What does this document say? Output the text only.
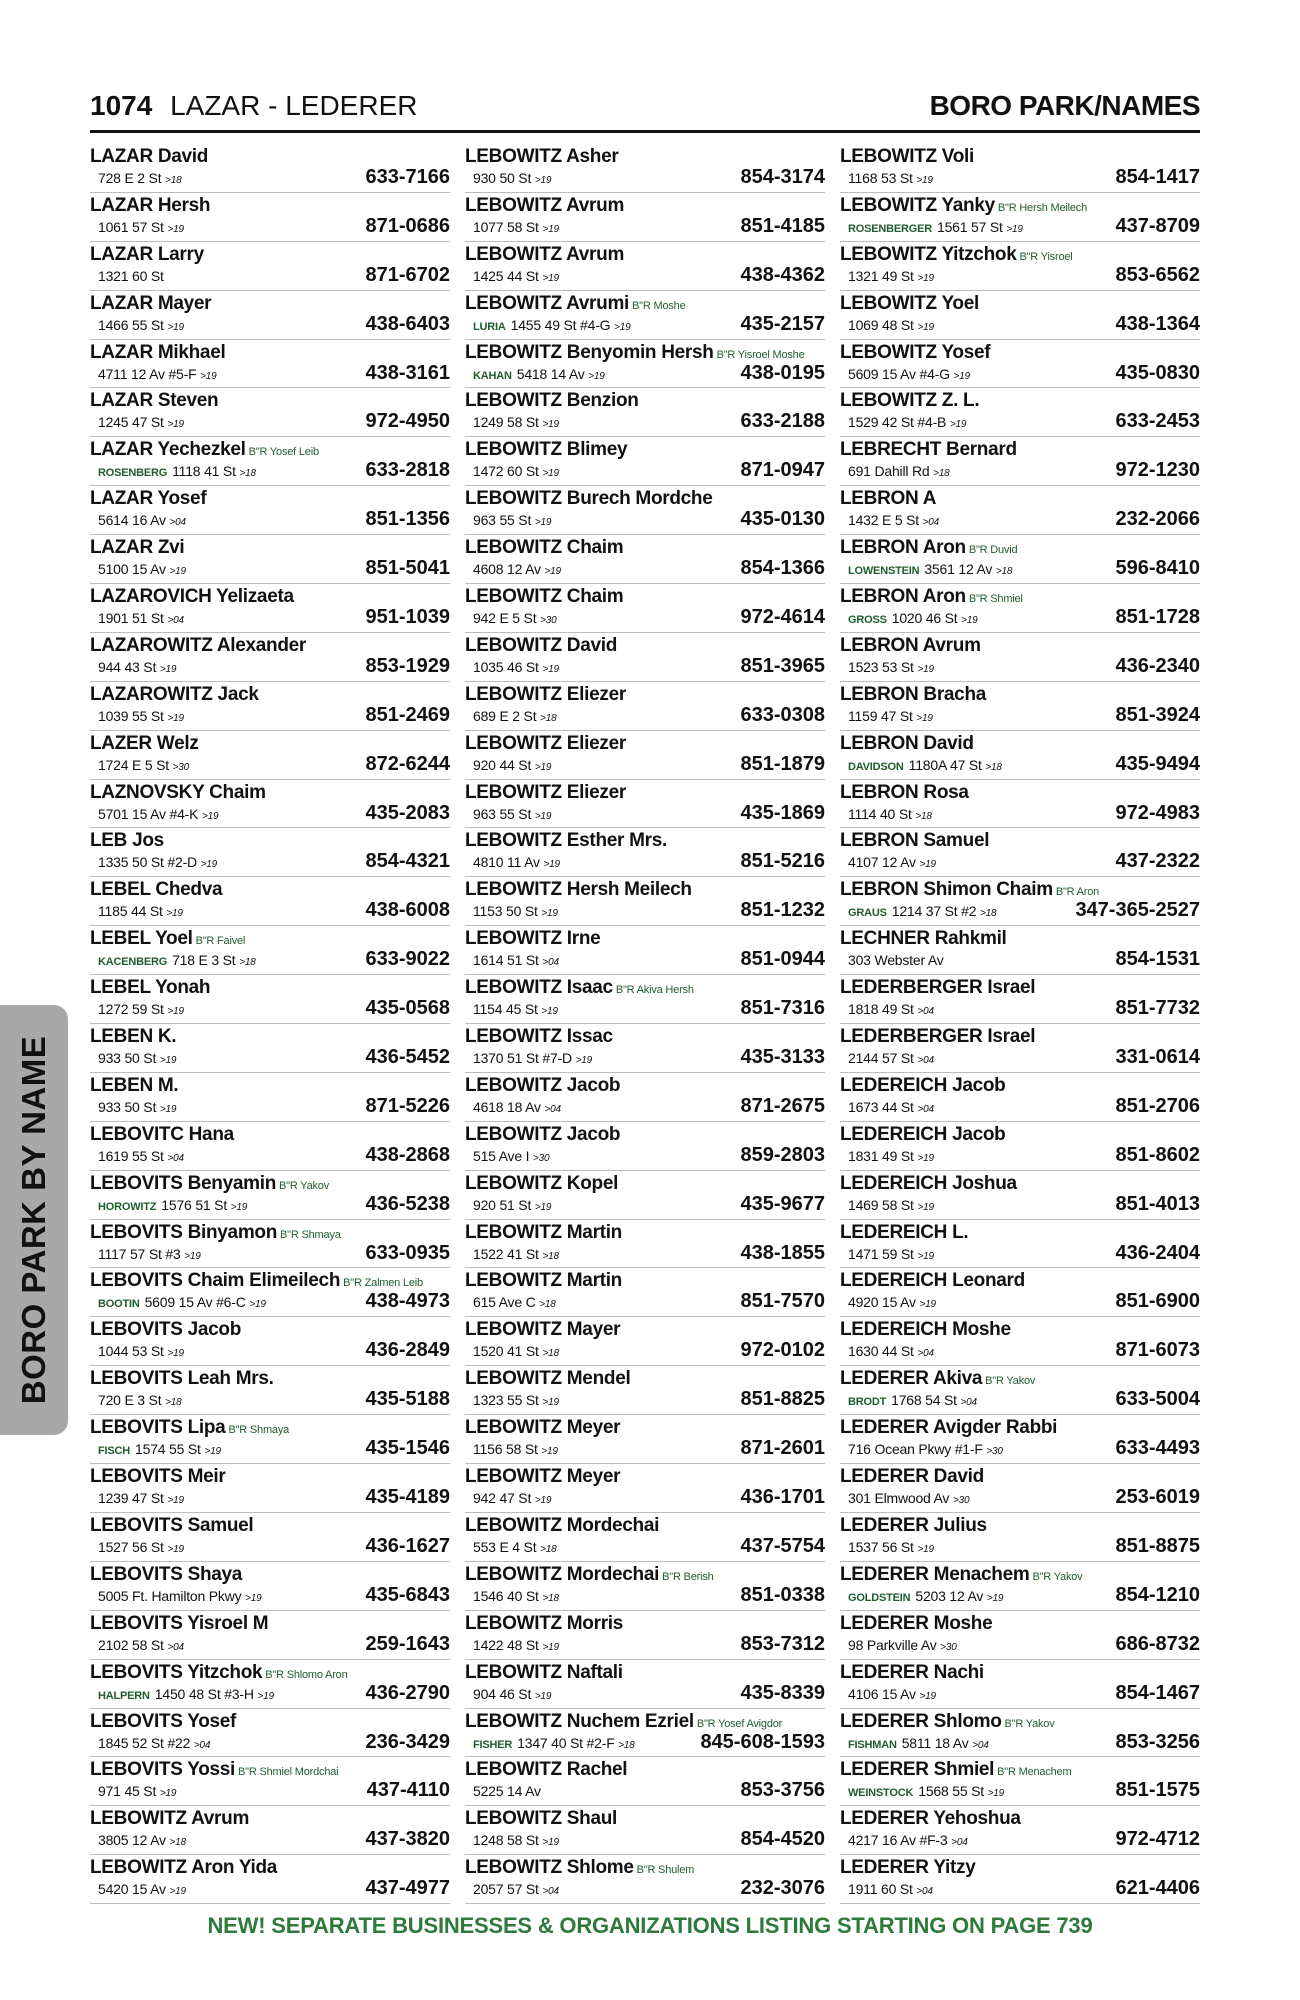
1074 LAZAR - LEDERER	BORO PARK/NAMES
LAZAR David
728 E 2 St >18	633-7166
LAZAR Hersh
1061 57 St >19	871-0686
LAZAR Larry
1321 60 St	871-6702
LAZAR Mayer
1466 55 St >19	438-6403
LAZAR Mikhael
4711 12 Av #5-F >19	438-3161
LAZAR Steven
1245 47 St >19	972-4950
LAZAR Yechezkel B"R Yosef Leib
ROSENBERG 1118 41 St >18	633-2818
LAZAR Yosef
5614 16 Av >04	851-1356
LAZAR Zvi
5100 15 Av >19	851-5041
LAZAROVICH Yelizaeta
1901 51 St >04	951-1039
LAZAROWITZ Alexander
944 43 St >19	853-1929
LAZAROWITZ Jack
1039 55 St >19	851-2469
LAZER Welz
1724 E 5 St >30	872-6244
LAZNOVSKY Chaim
5701 15 Av #4-K >19	435-2083
LEB Jos
1335 50 St #2-D >19	854-4321
LEBEL Chedva
1185 44 St >19	438-6008
LEBEL Yoel B"R Faivel
KACENBERG 718 E 3 St >18	633-9022
LEBEL Yonah
1272 59 St >19	435-0568
LEBEN K.
933 50 St >19	436-5452
LEBEN M.
933 50 St >19	871-5226
LEBOVITC Hana
1619 55 St >04	438-2868
LEBOVITS Benyamin B"R Yakov
HOROWITZ 1576 51 St >19	436-5238
LEBOVITS Binyamon B"R Shmaya
1117 57 St #3 >19	633-0935
LEBOVITS Chaim Elimeilech B"R Zalmen Leib
BOOTIN 5609 15 Av #6-C >19	438-4973
LEBOVITS Jacob
1044 53 St >19	436-2849
LEBOVITS Leah Mrs.
720 E 3 St >18	435-5188
LEBOVITS Lipa B"R Shmaya
FISCH 1574 55 St >19	435-1546
LEBOVITS Meir
1239 47 St >19	435-4189
LEBOVITS Samuel
1527 56 St >19	436-1627
LEBOVITS Shaya
5005 Ft. Hamilton Pkwy >19	435-6843
LEBOVITS Yisroel M
2102 58 St >04	259-1643
LEBOVITS Yitzchok B"R Shlomo Aron
HALPERN 1450 48 St #3-H >19	436-2790
LEBOVITS Yosef
1845 52 St #22 >04	236-3429
LEBOVITS Yossi B"R Shmiel Mordchai
971 45 St >19	437-4110
LEBOWITZ Avrum
3805 12 Av >18	437-3820
LEBOWITZ Aron Yida
5420 15 Av >19	437-4977
LEBOWITZ Asher
930 50 St >19	854-3174
LEBOWITZ Avrum
1077 58 St >19	851-4185
LEBOWITZ Avrum
1425 44 St >19	438-4362
LEBOWITZ Avrumi B"R Moshe
LURIA 1455 49 St #4-G >19	435-2157
LEBOWITZ Benyomin Hersh B"R Yisroel Moshe
KAHAN 5418 14 Av >19	438-0195
LEBOWITZ Benzion
1249 58 St >19	633-2188
LEBOWITZ Blimey
1472 60 St >19	871-0947
LEBOWITZ Burech Mordche
963 55 St >19	435-0130
LEBOWITZ Chaim
4608 12 Av >19	854-1366
LEBOWITZ Chaim
942 E 5 St >30	972-4614
LEBOWITZ David
1035 46 St >19	851-3965
LEBOWITZ Eliezer
689 E 2 St >18	633-0308
LEBOWITZ Eliezer
920 44 St >19	851-1879
LEBOWITZ Eliezer
963 55 St >19	435-1869
LEBOWITZ Esther Mrs.
4810 11 Av >19	851-5216
LEBOWITZ Hersh Meilech
1153 50 St >19	851-1232
LEBOWITZ Irne
1614 51 St >04	851-0944
LEBOWITZ Isaac B"R Akiva Hersh
1154 45 St >19	851-7316
LEBOWITZ Issac
1370 51 St #7-D >19	435-3133
LEBOWITZ Jacob
4618 18 Av >04	871-2675
LEBOWITZ Jacob
515 Ave I >30	859-2803
LEBOWITZ Kopel
920 51 St >19	435-9677
LEBOWITZ Martin
1522 41 St >18	438-1855
LEBOWITZ Martin
615 Ave C >18	851-7570
LEBOWITZ Mayer
1520 41 St >18	972-0102
LEBOWITZ Mendel
1323 55 St >19	851-8825
LEBOWITZ Meyer
1156 58 St >19	871-2601
LEBOWITZ Meyer
942 47 St >19	436-1701
LEBOWITZ Mordechai
553 E 4 St >18	437-5754
LEBOWITZ Mordechai B"R Berish
1546 40 St >18	851-0338
LEBOWITZ Morris
1422 48 St >19	853-7312
LEBOWITZ Naftali
904 46 St >19	435-8339
LEBOWITZ Nuchem Ezriel B"R Yosef Avigdor
FISHER 1347 40 St #2-F >18	845-608-1593
LEBOWITZ Rachel
5225 14 Av	853-3756
LEBOWITZ Shaul
1248 58 St >19	854-4520
LEBOWITZ Shlome B"R Shulem
2057 57 St >04	232-3076
LEBOWITZ Voli
1168 53 St >19	854-1417
LEBOWITZ Yanky B"R Hersh Meilech
ROSENBERGER 1561 57 St >19	437-8709
LEBOWITZ Yitzchok B"R Yisroel
1321 49 St >19	853-6562
LEBOWITZ Yoel
1069 48 St >19	438-1364
LEBOWITZ Yosef
5609 15 Av #4-G >19	435-0830
LEBOWITZ Z. L.
1529 42 St #4-B >19	633-2453
LEBRECHT Bernard
691 Dahill Rd >18	972-1230
LEBRON A
1432 E 5 St >04	232-2066
LEBRON Aron B"R Duvid
LOWENSTEIN 3561 12 Av >18	596-8410
LEBRON Aron B"R Shmiel
GROSS 1020 46 St >19	851-1728
LEBRON Avrum
1523 53 St >19	436-2340
LEBRON Bracha
1159 47 St >19	851-3924
LEBRON David
DAVIDSON 1180A 47 St >18	435-9494
LEBRON Rosa
1114 40 St >18	972-4983
LEBRON Samuel
4107 12 Av >19	437-2322
LEBRON Shimon Chaim B"R Aron
GRAUS 1214 37 St #2 >18	347-365-2527
LECHNER Rahkmil
303 Webster Av	854-1531
LEDERBERGER Israel
1818 49 St >04	851-7732
LEDERBERGER Israel
2144 57 St >04	331-0614
LEDEREICH Jacob
1673 44 St >04	851-2706
LEDEREICH Jacob
1831 49 St >19	851-8602
LEDEREICH Joshua
1469 58 St >19	851-4013
LEDEREICH L.
1471 59 St >19	436-2404
LEDEREICH Leonard
4920 15 Av >19	851-6900
LEDEREICH Moshe
1630 44 St >04	871-6073
LEDERER Akiva B"R Yakov
BRODT 1768 54 St >04	633-5004
LEDERER Avigder Rabbi
716 Ocean Pkwy #1-F >30	633-4493
LEDERER David
301 Elmwood Av >30	253-6019
LEDERER Julius
1537 56 St >19	851-8875
LEDERER Menachem B"R Yakov
GOLDSTEIN 5203 12 Av >19	854-1210
LEDERER Moshe
98 Parkville Av >30	686-8732
LEDERER Nachi
4106 15 Av >19	854-1467
LEDERER Shlomo B"R Yakov
FISHMAN 5811 18 Av >04	853-3256
LEDERER Shmiel B"R Menachem
WEINSTOCK 1568 55 St >19	851-1575
LEDERER Yehoshua
4217 16 Av #F-3 >04	972-4712
LEDERER Yitzy
1911 60 St >04	621-4406
BORO PARK BY NAME
NEW! SEPARATE BUSINESSES & ORGANIZATIONS LISTING STARTING ON PAGE 739
